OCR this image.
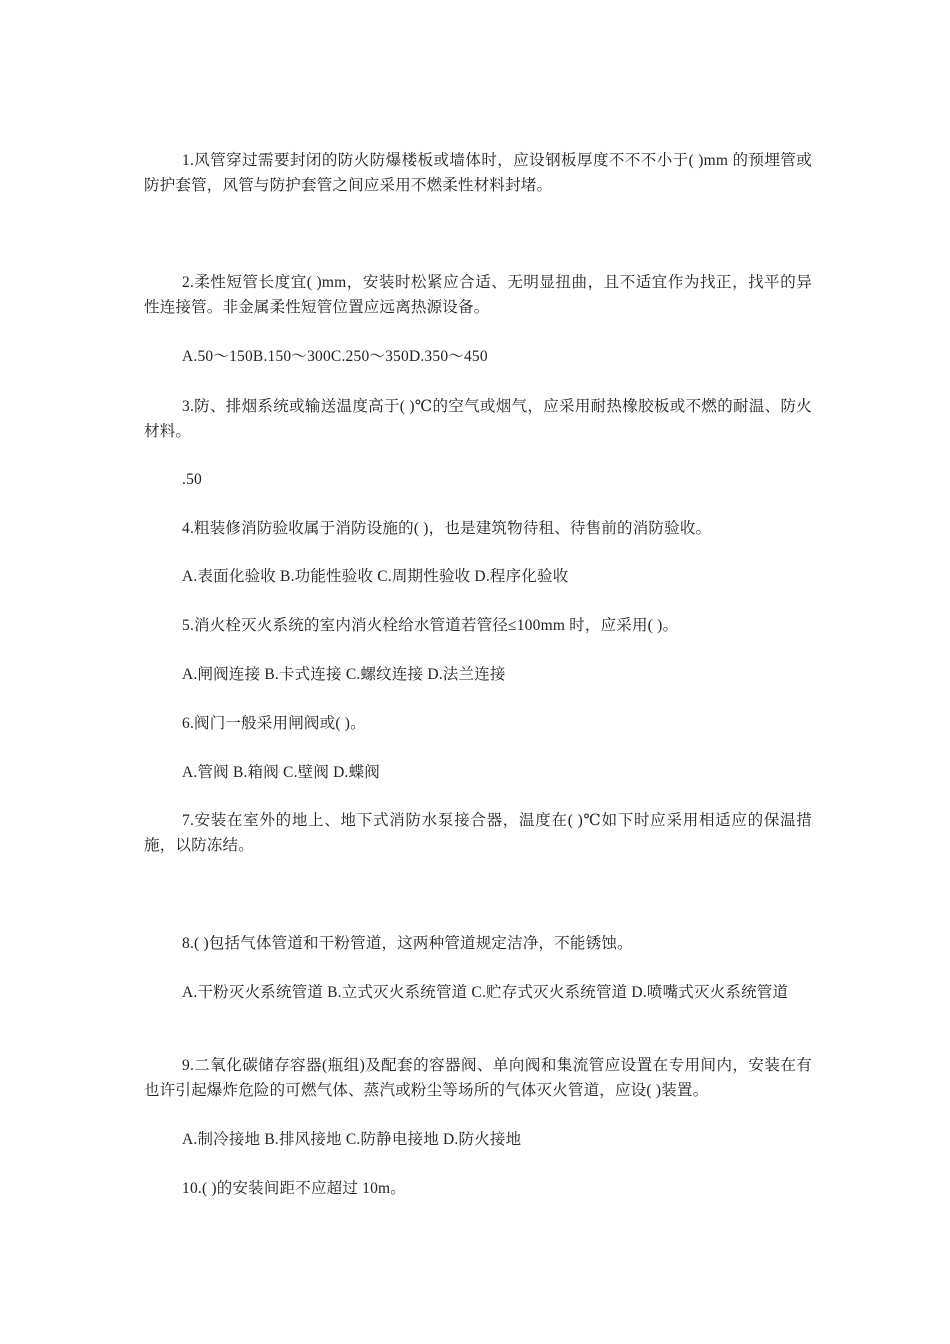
1.风管穿过需要封闭的防火防爆楼板或墙体时，应设钢板厚度不不不小于( )mm 的预埋管或防护套管，风管与防护套管之间应采用不燃柔性材料封堵。

2.柔性短管长度宜( )mm，安装时松紧应合适、无明显扭曲，且不适宜作为找正，找平的异性连接管。非金属柔性短管位置应远离热源设备。

A.50～150B.150～300C.250～350D.350～450

3.防、排烟系统或输送温度高于( )℃的空气或烟气，应采用耐热橡胶板或不燃的耐温、防火材料。

.50

4.粗装修消防验收属于消防设施的( )，也是建筑物待租、待售前的消防验收。

A.表面化验收 B.功能性验收 C.周期性验收 D.程序化验收

5.消火栓灭火系统的室内消火栓给水管道若管径≤100mm 时，应采用( )。

A.闸阀连接 B.卡式连接 C.螺纹连接 D.法兰连接

6.阀门一般采用闸阀或( )。

A.管阀 B.箱阀 C.壁阀 D.蝶阀

7.安装在室外的地上、地下式消防水泵接合器，温度在( )℃如下时应采用相适应的保温措施，以防冻结。

8.( )包括气体管道和干粉管道，这两种管道规定洁净，不能锈蚀。

A.干粉灭火系统管道 B.立式灭火系统管道 C.贮存式灭火系统管道 D.喷嘴式灭火系统管道

9.二氧化碳储存容器(瓶组)及配套的容器阀、单向阀和集流管应设置在专用间内，安装在有也许引起爆炸危险的可燃气体、蒸汽或粉尘等场所的气体灭火管道，应设( )装置。

A.制冷接地 B.排风接地 C.防静电接地 D.防火接地

10.( )的安装间距不应超过 10m。
